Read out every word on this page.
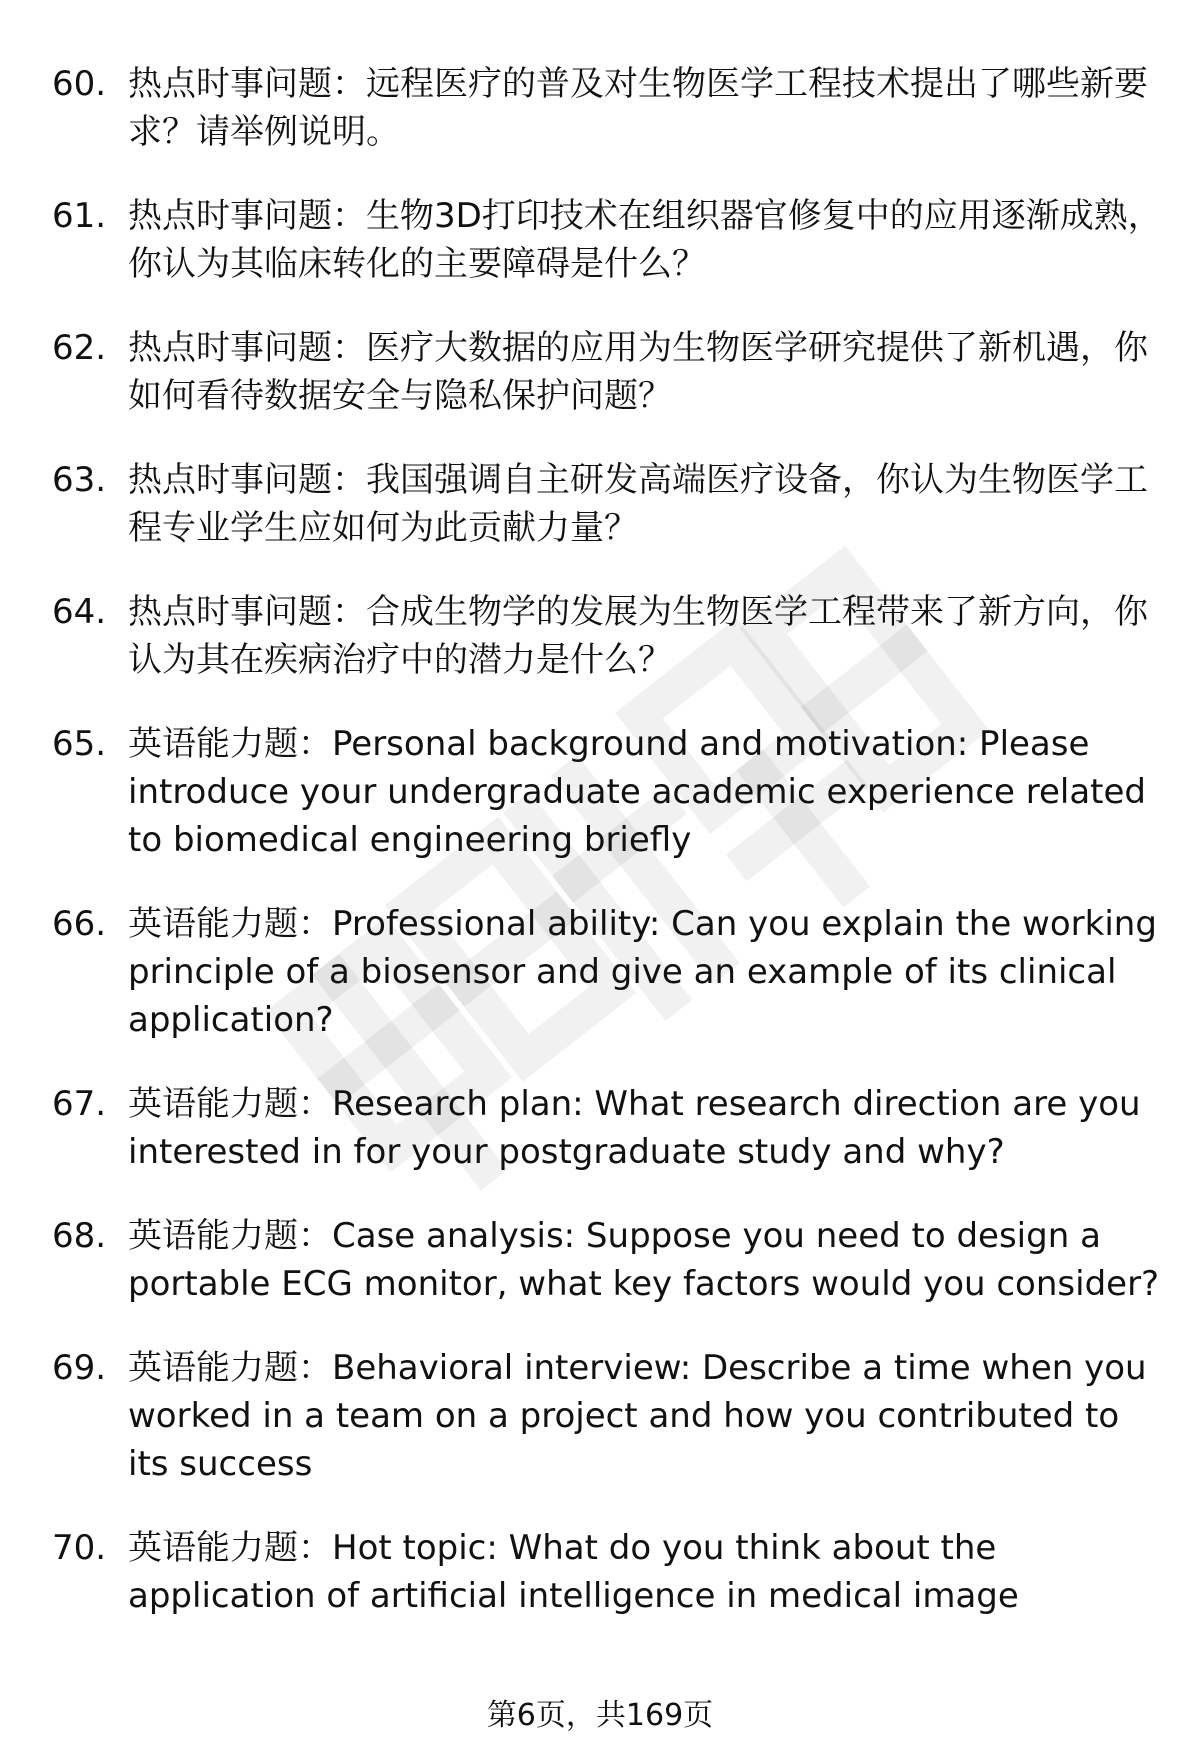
60. 热点时事问题：远程医疗的普及对生物医学工程技术提出了哪些新要求？请举例说明。
61. 热点时事问题：生物3D打印技术在组织器官修复中的应用逐渐成熟，你认为其临床转化的主要障碍是什么？
62. 热点时事问题：医疗大数据的应用为生物医学研究提供了新机遇，你如何看待数据安全与隐私保护问题？
63. 热点时事问题：我国强调自主研发高端医疗设备，你认为生物医学工程专业学生应如何为此贡献力量？
64. 热点时事问题：合成生物学的发展为生物医学工程带来了新方向，你认为其在疾病治疗中的潜力是什么？
65. 英语能力题：Personal background and motivation: Please introduce your undergraduate academic experience related to biomedical engineering briefly
66. 英语能力题：Professional ability: Can you explain the working principle of a biosensor and give an example of its clinical application?
67. 英语能力题：Research plan: What research direction are you interested in for your postgraduate study and why?
68. 英语能力题：Case analysis: Suppose you need to design a portable ECG monitor, what key factors would you consider?
69. 英语能力题：Behavioral interview: Describe a time when you worked in a team on a project and how you contributed to its success
70. 英语能力题：Hot topic: What do you think about the application of artificial intelligence in medical image
第6页，共169页
